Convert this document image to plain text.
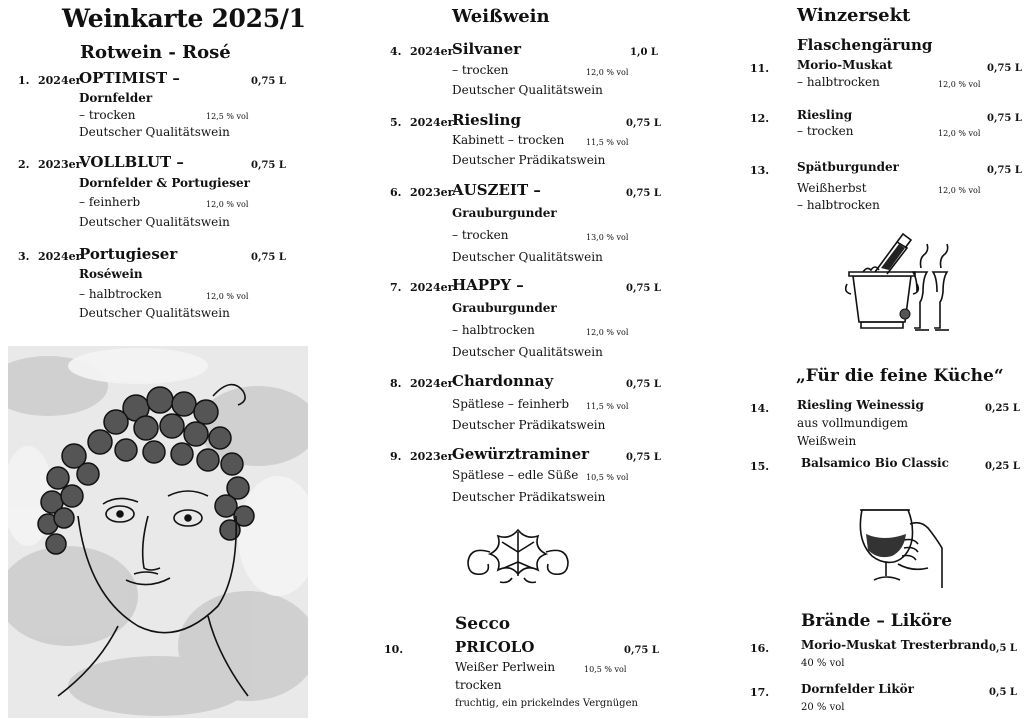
Weinkarte 2025/1
Rotwein - Rosé
1. 2024er
OPTIMIST –	0,75 L
Dornfelder
– trocken	12,5 % vol
Deutscher Qualitätswein
2. 2023er
VOLLBLUT –	0,75 L
Dornfelder & Portugieser
– feinherb	12,0 % vol
Deutscher Qualitätswein
3. 2024er
Portugieser	0,75 L
Roséwein
– halbtrocken	12,0 % vol
Deutscher Qualitätswein
Weißwein
4. 2024er
Silvaner	1,0 L
– trocken	12,0 % vol
Deutscher Qualitätswein
5. 2024er
Riesling	0,75 L
Kabinett – trocken	11,5 % vol
Deutscher Prädikatswein
6. 2023er
AUSZEIT –	0,75 L
Grauburgunder
– trocken	13,0 % vol
Deutscher Qualitätswein
7. 2024er
HAPPY –	0,75 L
Grauburgunder
– halbtrocken	12,0 % vol
Deutscher Qualitätswein
8. 2024er
Chardonnay	0,75 L
Spätlese – feinherb 11,5 % vol
Deutscher Prädikatswein
9. 2023er
Gewürztraminer	0,75 L
Spätlese – edle Süße 10,5 % vol
Deutscher Prädikatswein
Secco
10.	PRICOLO	0,75 L
Weißer Perlwein	10,5 % vol
trocken
fruchtig, ein prickelndes Vergnügen
Winzersekt
Flaschengärung
11. Morio-Muskat	0,75 L
– halbtrocken	12,0 % vol
12. Riesling	0,75 L
– trocken	12,0 % vol
13. Spätburgunder	0,75 L
Weißherbst	12,0 % vol
– halbtrocken
„Für die feine Küche“
14. Riesling Weinessig	0,25 L
aus vollmundigem
Weißwein
15.	Balsamico Bio Classic	0,25 L
Brände – Liköre
16.	Morio-Muskat Tresterbrand 0,5 L
40 % vol
17.	Dornfelder Likör	0,5 L
20 % vol
